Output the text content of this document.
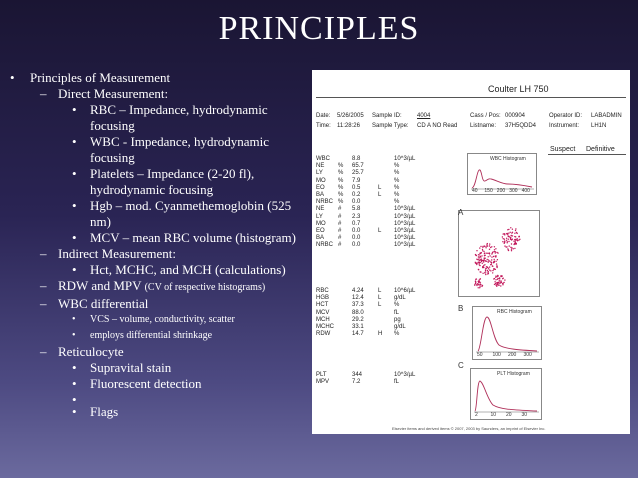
PRINCIPLES
• Principles of Measurement
– Direct Measurement:
• RBC – Impedance, hydrodynamic focusing
• WBC - Impedance, hydrodynamic focusing
• Platelets – Impedance (2-20 fl), hydrodynamic focusing
• Hgb – mod. Cyanmethemoglobin (525 nm)
• MCV – mean RBC volume (histogram)
– Indirect Measurement:
• Hct, MCHC, and MCH (calculations)
– RDW and MPV (CV of respective histograms)
– WBC differential
• VCS – volume, conductivity, scatter
• employs differential shrinkage
– Reticulocyte
• Supravital stain
• Fluorescent detection
•
• Flags
Coulter LH 750
Date: 5/26/2005 Sample ID:	4004	Cass / Pos: 000904	Operator ID: LABADMIN
Time: 11:28:26 Sample Type: CD A NO Read Listname: 37H5QDD4 Instrument: LH1N
Suspect Definitive
WBC	8.8	10^3/µL
NE % 65.7	%
LY	% 25.7	%
MO % 7.9	%
EO % 0.5	L %
BA % 0.2	L %
NRBC % 0.0	%
NE # 5.8	10^3/µL
LY	# 2.3	10^3/µL
MO # 0.7	10^3/µL
EO # 0.0	L 10^3/µL
BA # 0.0	10^3/µL
NRBC # 0.0	10^3/µL
RBC	4.24 L 10^6/µL
HGB	12.4 L g/dL
HCT	37.3 L %
MCV	88.0	fL
MCH	29.2	pg
MCHC	33.1	g/dL
RDW	14.7 H %
PLT	344	10^3/µL
MPV	7.2	fL
WBC Histogram
40 150 200 300 400
RBC Histogram
50 100 200 300
PLT Histogram
2	10 20 30
A
B
C
Elsevier items and derived items © 2007, 2003 by Saunders, an imprint of Elsevier Inc.
